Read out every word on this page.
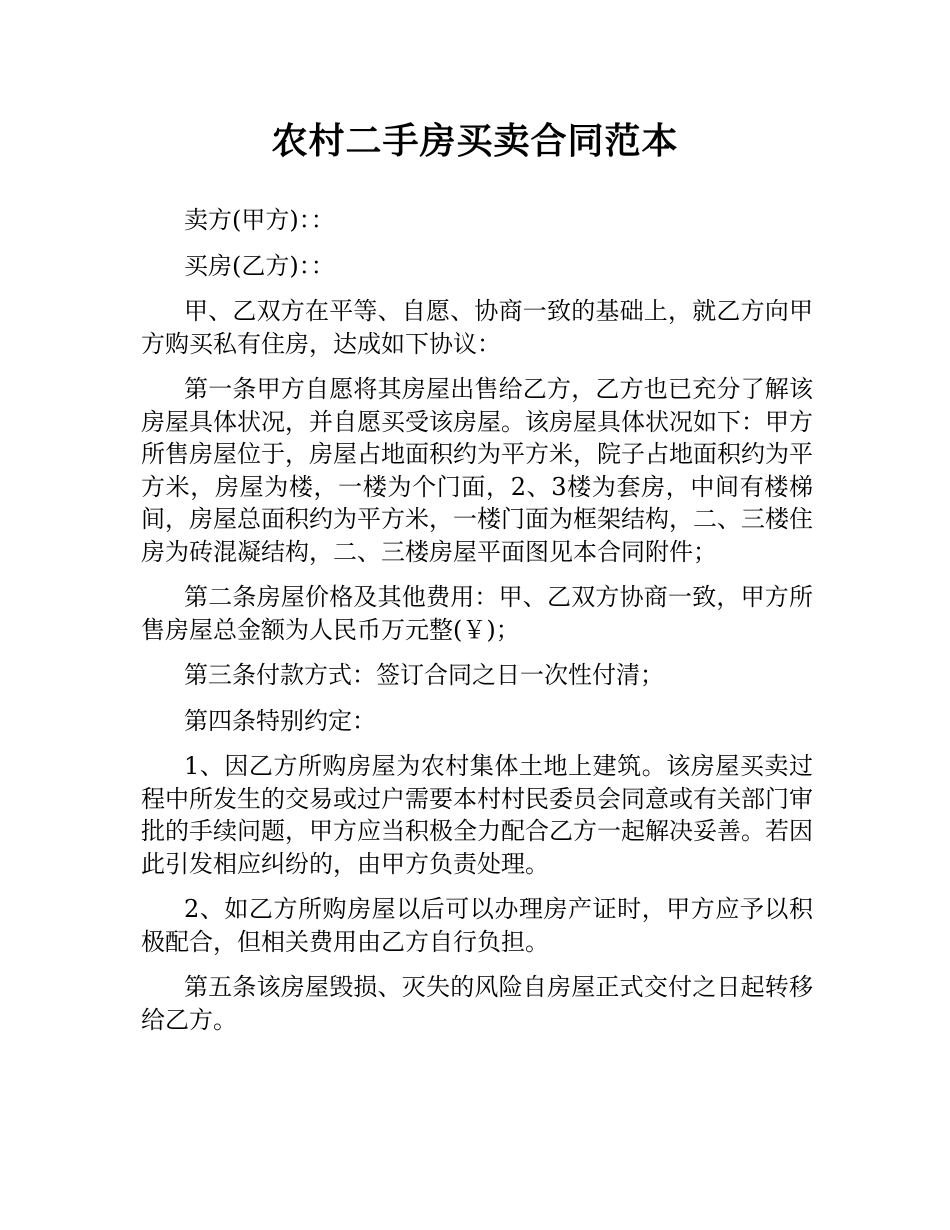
农村二手房买卖合同范本

卖方(甲方)：：

买房(乙方)：：

甲、乙双方在平等、自愿、协商一致的基础上，就乙方向甲方购买私有住房，达成如下协议：

第一条甲方自愿将其房屋出售给乙方，乙方也已充分了解该房屋具体状况，并自愿买受该房屋。该房屋具体状况如下：甲方所售房屋位于，房屋占地面积约为平方米，院子占地面积约为平方米，房屋为楼，一楼为个门面，2、3楼为套房，中间有楼梯间，房屋总面积约为平方米，一楼门面为框架结构，二、三楼住房为砖混凝结构，二、三楼房屋平面图见本合同附件；

第二条房屋价格及其他费用：甲、乙双方协商一致，甲方所售房屋总金额为人民币万元整(￥)；

第三条付款方式：签订合同之日一次性付清；

第四条特别约定：

1、因乙方所购房屋为农村集体土地上建筑。该房屋买卖过程中所发生的交易或过户需要本村村民委员会同意或有关部门审批的手续问题，甲方应当积极全力配合乙方一起解决妥善。若因此引发相应纠纷的，由甲方负责处理。

2、如乙方所购房屋以后可以办理房产证时，甲方应予以积极配合，但相关费用由乙方自行负担。

第五条该房屋毁损、灭失的风险自房屋正式交付之日起转移给乙方。
